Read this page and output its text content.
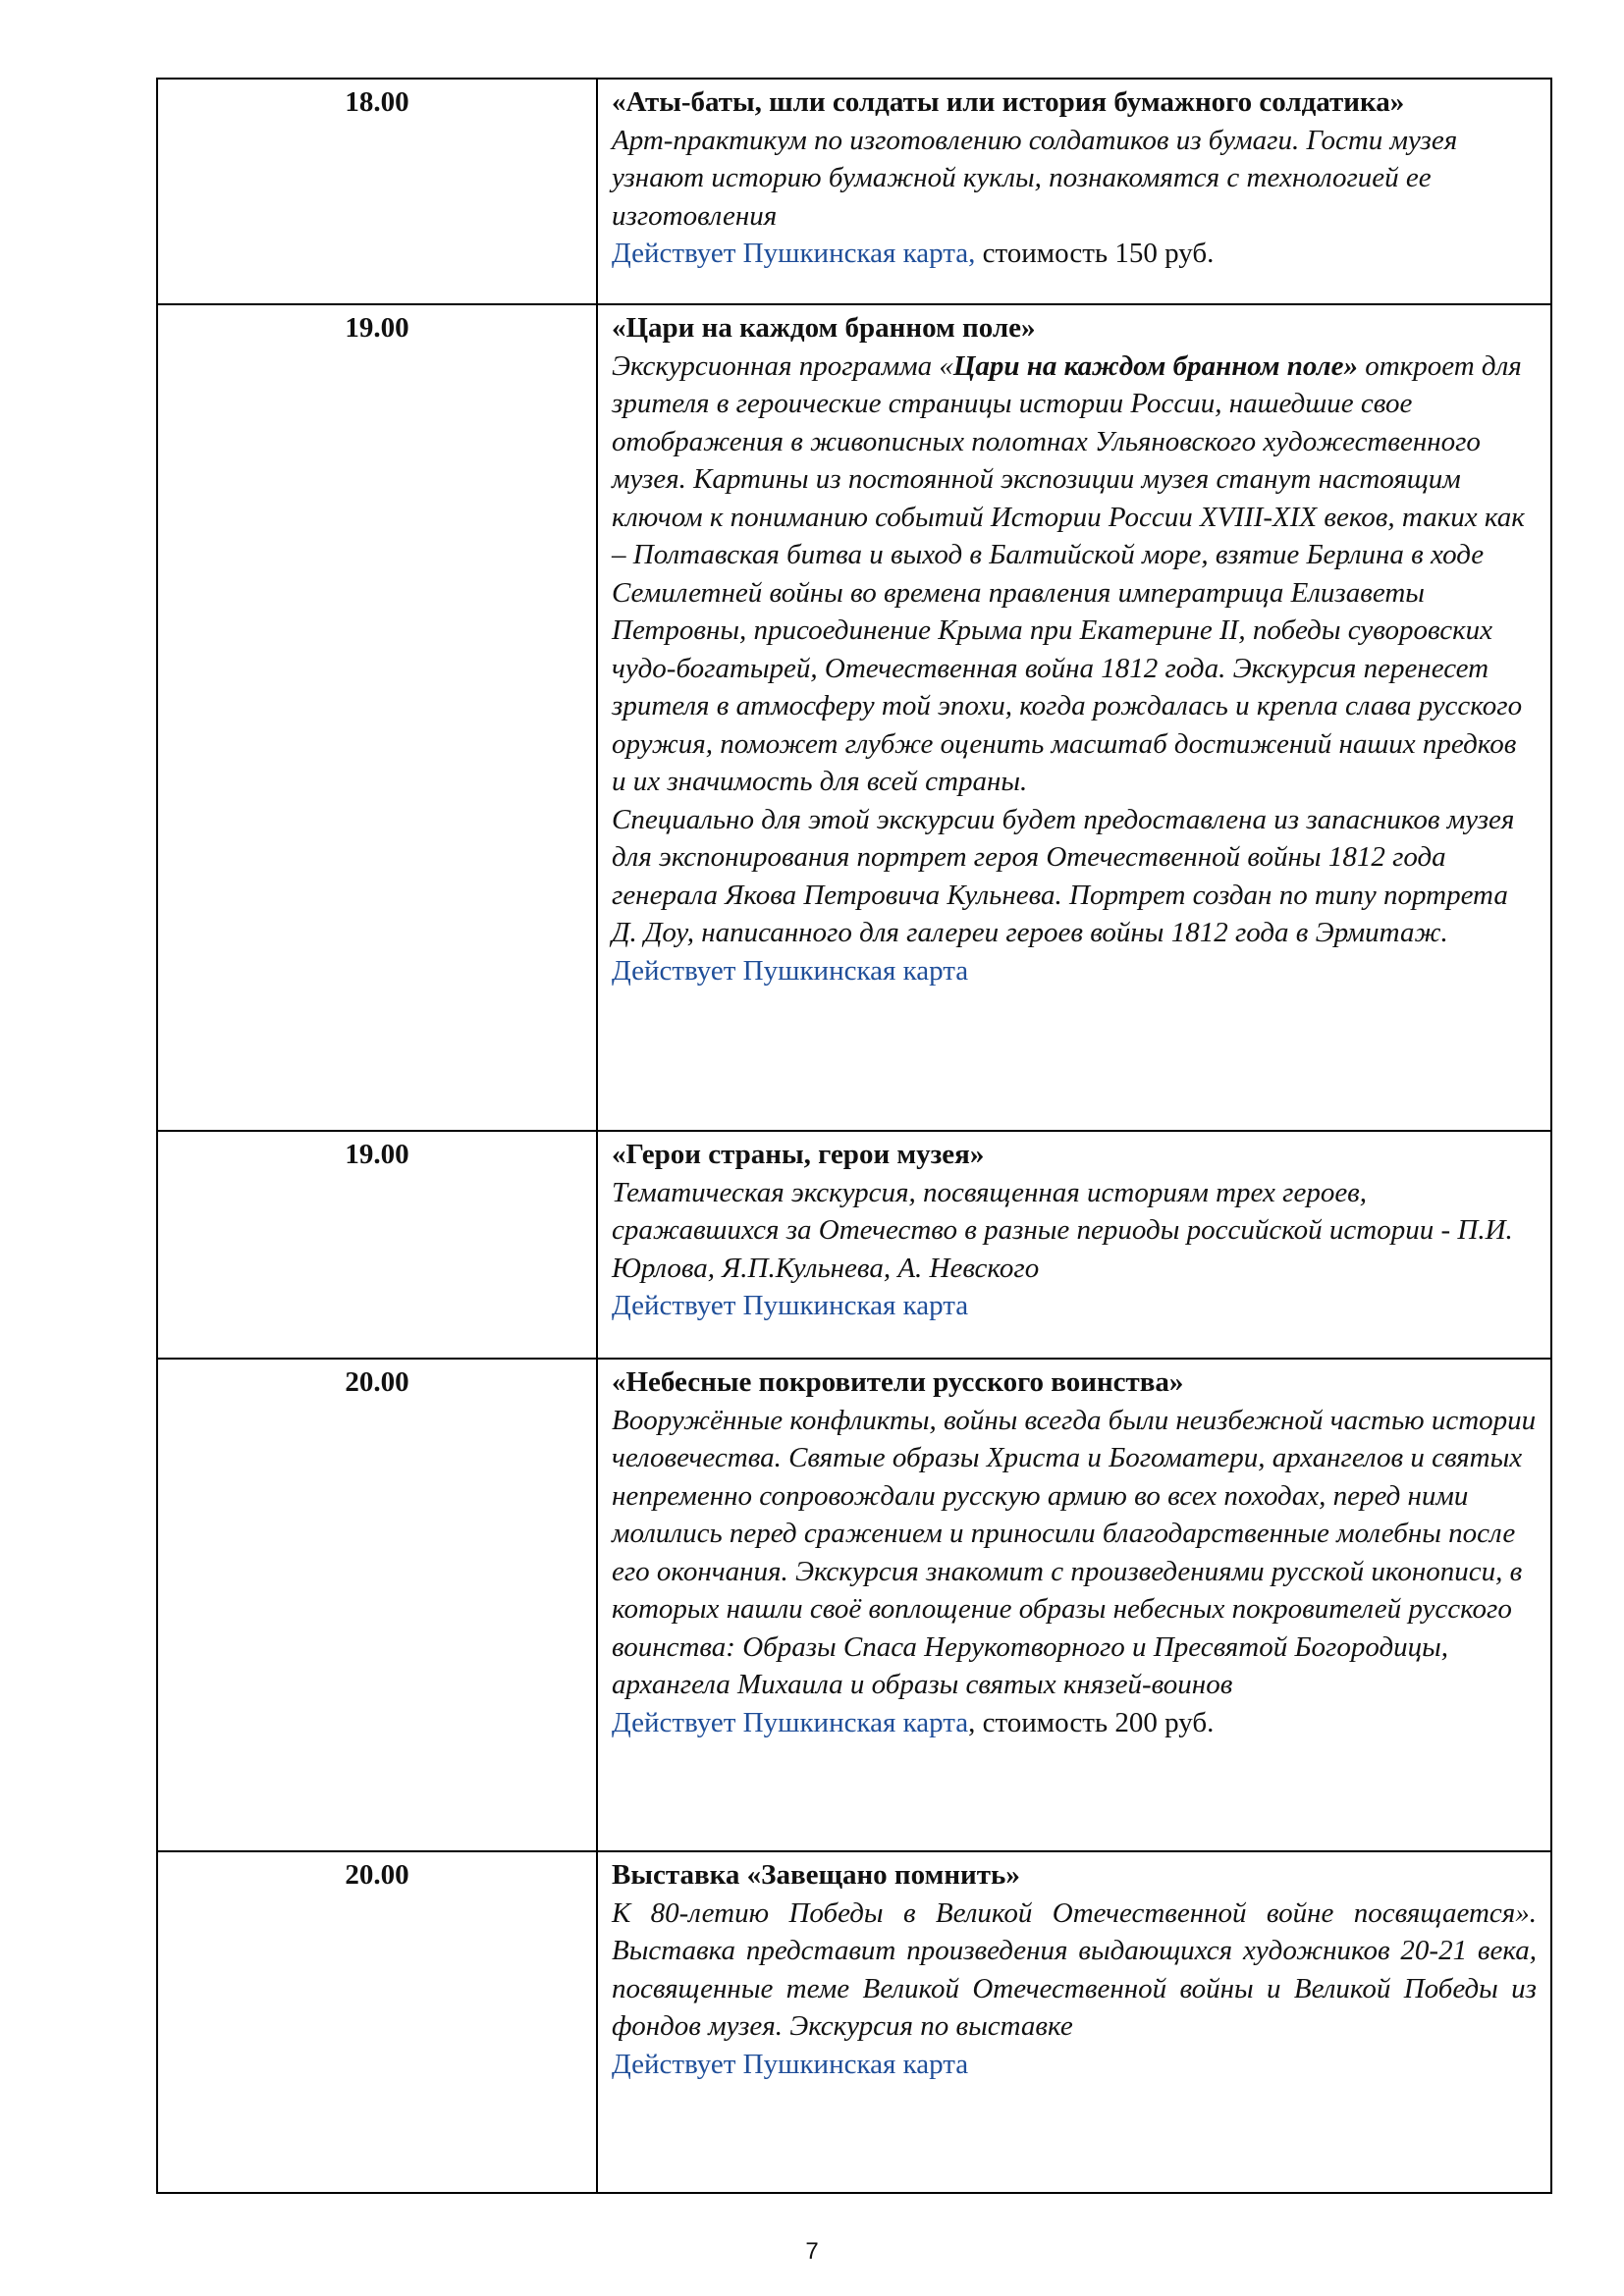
18.00	«Аты-баты, шли солдаты или история бумажного солдатика»
Арт-практикум по изготовлению солдатиков из бумаги. Гости музея узнают историю бумажной куклы, познакомятся с технологией ее изготовления
Действует Пушкинская карта, стоимость 150 руб.

19.00	«Цари на каждом бранном поле»
Экскурсионная программа «Цари на каждом бранном поле» откроет для зрителя в героические страницы истории России, нашедшие свое отображения в живописных полотнах Ульяновского художественного музея. Картины из постоянной экспозиции музея станут настоящим ключом к пониманию событий Истории России XVIII-XIX веков, таких как – Полтавская битва и выход в Балтийской море, взятие Берлина в ходе Семилетней войны во времена правления императрица Елизаветы Петровны, присоединение Крыма при Екатерине II, победы суворовских чудо-богатырей, Отечественная война 1812 года. Экскурсия перенесет зрителя в атмосферу той эпохи, когда рождалась и крепла слава русского оружия, поможет глубже оценить масштаб достижений наших предков и их значимость для всей страны.
Специально для этой экскурсии будет предоставлена из запасников музея для экспонирования портрет героя Отечественной войны 1812 года генерала Якова Петровича Кульнева. Портрет создан по типу портрета Д. Доу, написанного для галереи героев войны 1812 года в Эрмитаж.
Действует Пушкинская карта

19.00	«Герои страны, герои музея»
Тематическая экскурсия, посвященная историям трех героев, сражавшихся за Отечество в разные периоды российской истории - П.И. Юрлова, Я.П.Кульнева, А. Невского
Действует Пушкинская карта

20.00	«Небесные покровители русского воинства»
Вооружённые конфликты, войны всегда были неизбежной частью истории человечества. Святые образы Христа и Богоматери, архангелов и святых непременно сопровождали русскую армию во всех походах, перед ними молились перед сражением и приносили благодарственные молебны после его окончания. Экскурсия знакомит с произведениями русской иконописи, в которых нашли своё воплощение образы небесных покровителей русского воинства: Образы Спаса Нерукотворного и Пресвятой Богородицы, архангела Михаила и образы святых князей-воинов
Действует Пушкинская карта, стоимость 200 руб.

20.00	Выставка «Завещано помнить»
К 80-летию Победы в Великой Отечественной войне посвящается». Выставка представит произведения выдающихся художников 20-21 века, посвященные теме Великой Отечественной войны и Великой Победы из фондов музея. Экскурсия по выставке
Действует Пушкинская карта
7
